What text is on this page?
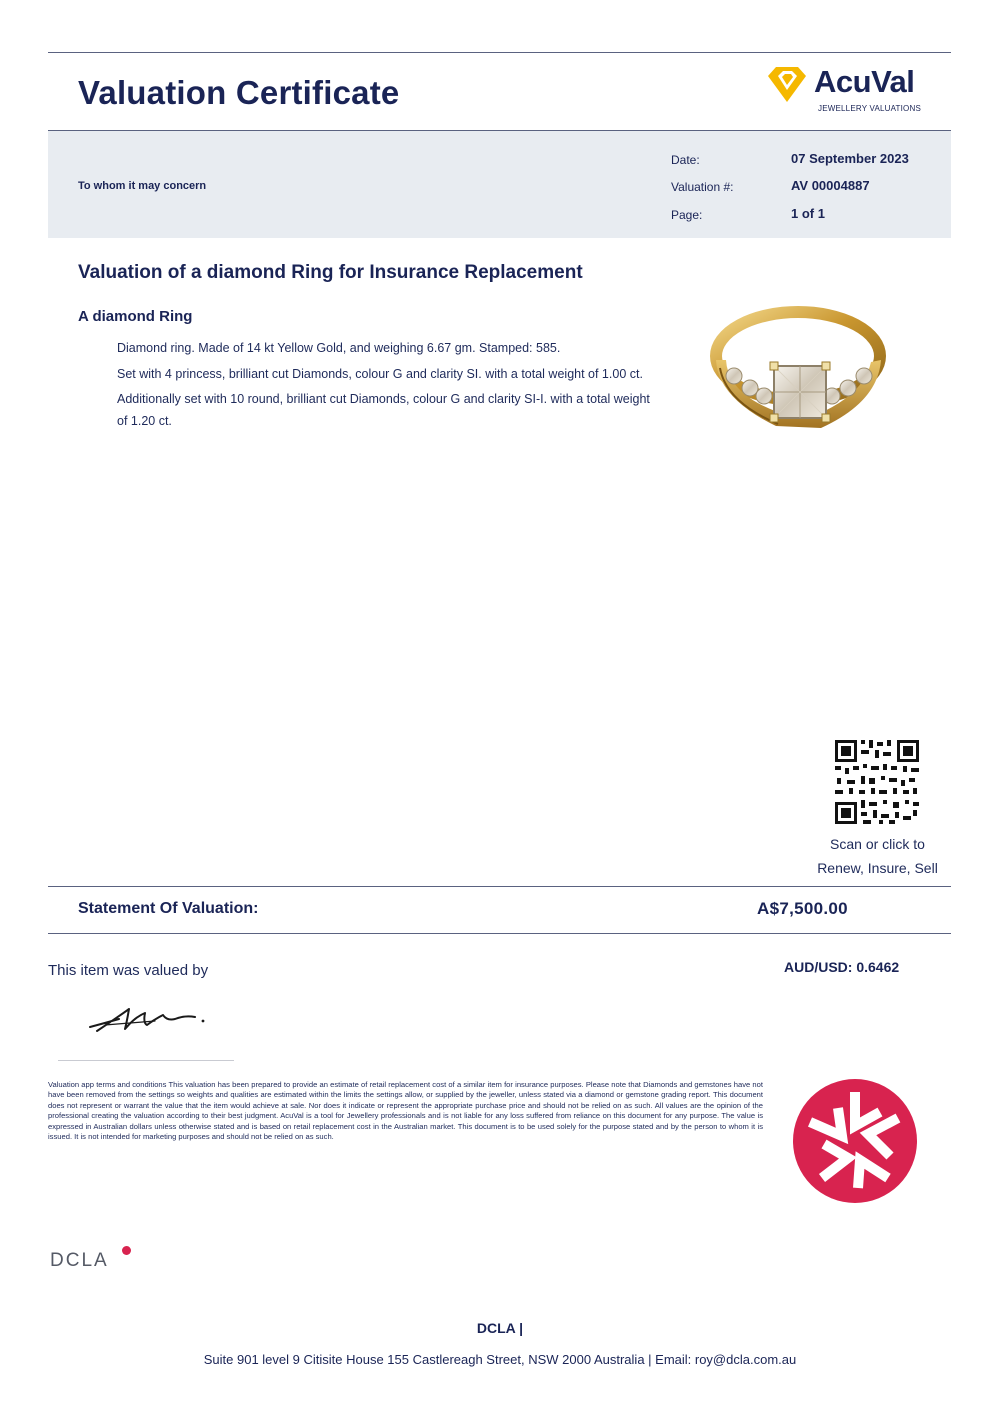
Valuation Certificate	AcuVal
JEWELLERY VALUATIONS
To whom it may concern
Date:	07 September 2023
Valuation #:	AV 00004887
Page:	1 of 1
Valuation of a diamond Ring for Insurance Replacement
A diamond Ring

Diamond ring. Made of 14 kt Yellow Gold, and weighing 6.67 gm. Stamped: 585.

Set with 4 princess, brilliant cut Diamonds, colour G and clarity SI. with a total weight of 1.00 ct.

Additionally set with 10 round, brilliant cut Diamonds, colour G and clarity SI-I. with a total weight of 1.20 ct.

Scan or click to
Renew, Insure, Sell
Statement Of Valuation:	A$7,500.00
This item was valued by	AUD/USD: 0.6462
Valuation app terms and conditions This valuation has been prepared to provide an estimate of retail replacement cost of a similar item for insurance purposes. Please note that Diamonds and gemstones have not have been removed from the settings so weights and qualities are estimated within the limits the settings allow, or supplied by the jeweller, unless stated via a diamond or gemstone grading report. This document does not represent or warrant the value that the item would achieve at sale. Nor does it indicate or represent the appropriate purchase price and should not be relied on as such. All values are the opinion of the professional creating the valuation according to their best judgment. AcuVal is a tool for Jewellery professionals and is not liable for any loss suffered from reliance on this document for any purpose. The value is expressed in Australian dollars unless otherwise stated and is based on retail replacement cost in the Australian market. This document is to be used solely for the purpose stated and by the person to whom it is issued. It is not intended for marketing purposes and should not be relied on as such.
DCLA
DCLA |
Suite 901 level 9 Citisite House 155 Castlereagh Street, NSW 2000 Australia | Email: roy@dcla.com.au
